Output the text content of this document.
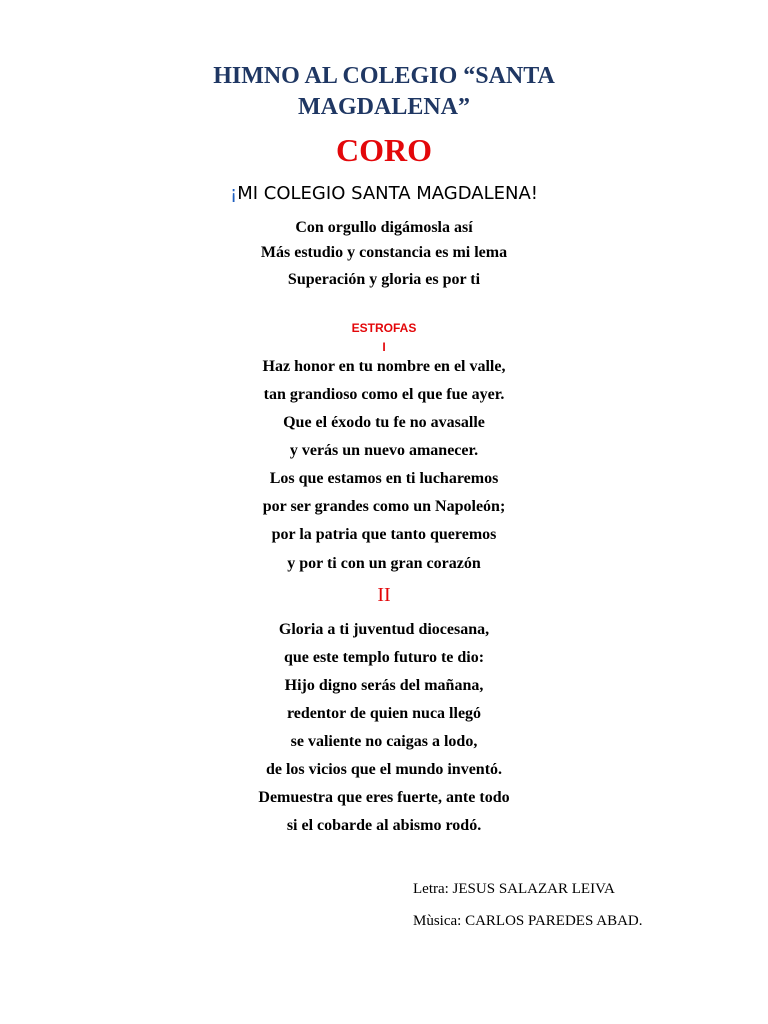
HIMNO AL COLEGIO “SANTA
MAGDALENA”
CORO
¡MI COLEGIO SANTA MAGDALENA!
Con orgullo digámosla así
Más estudio y constancia es mi lema
Superación y gloria es por ti
ESTROFAS
I
Haz honor en tu nombre en el valle,
tan grandioso como el que fue ayer.
Que el éxodo tu fe no avasalle
y verás un nuevo amanecer.
Los que estamos en ti lucharemos
por ser grandes como un Napoleón;
por la patria que tanto queremos
y por ti con un gran corazón
II
Gloria a ti juventud diocesana,
que este templo futuro te dio:
Hijo digno serás del mañana,
redentor de quien nuca llegó
se valiente no caigas a lodo,
de los vicios que el mundo inventó.
Demuestra que eres fuerte, ante todo
si el cobarde al abismo rodó.
Letra: JESUS SALAZAR LEIVA
Mùsica: CARLOS PAREDES ABAD.
